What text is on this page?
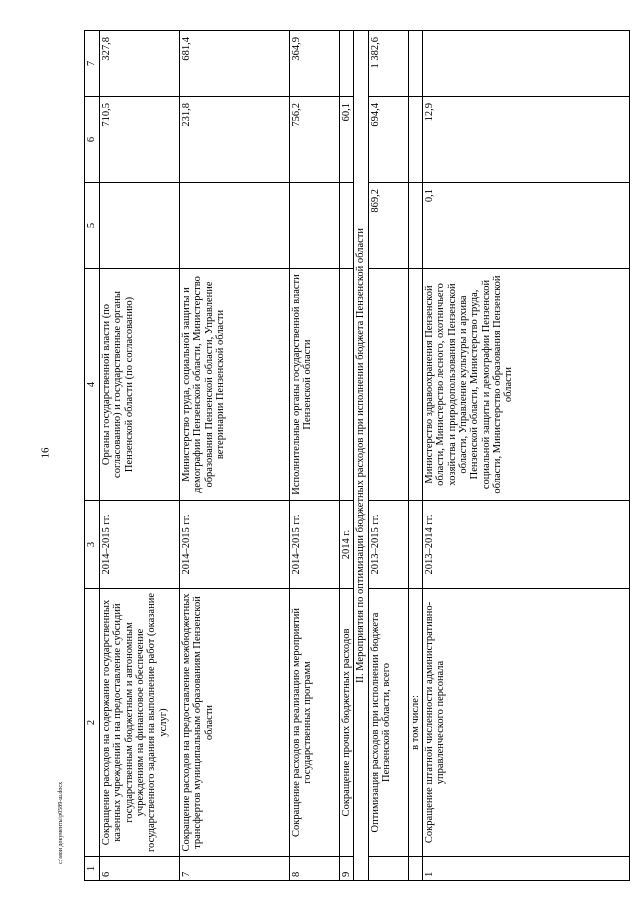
16
c:\мои документы\р0589-ш.docx
1	2	3	4	5	6	7
6	Сокращение расходов на содержание государственных казенных учреждений и на предоставление субсидий государственным бюджетным и автономным учреждениям на финансовое обеспечение государственного задания на выполнение работ (оказание услуг)	2014–2015 гг.	Органы государственной власти (по согласованию) и государственные органы Пензенской области (по согласованию)		710,5	327,8
7	Сокращение расходов на предоставление межбюджетных трансфертов муниципальным образованиям Пензенской области	2014–2015 гг.	Министерство труда, социальной защиты и демографии Пензенской области, Министерство образования Пензенской области, Управление ветеринарии Пензенской области		231,8	681,4
8	Сокращение расходов на реализацию мероприятий государственных программ	2014–2015 гг.	Исполнительные органы государственной власти Пензенской области		756,2	364,9
9	Сокращение прочих бюджетных расходов	2014 г.			60,1	
II. Мероприятия по оптимизации бюджетных расходов при исполнении бюджета Пензенской области						
	Оптимизация расходов при исполнении бюджета Пензенской области, всего	2013–2015 гг.		869,2	694,4	1 382,6
	в том числе:					
1	Сокращение штатной численности административно-управленческого персонала	2013–2014 гг.	Министерство здравоохранения Пензенской области, Министерство лесного, охотничьего хозяйства и природопользования Пензенской области, Управление культуры и архива Пензенской области, Министерство труда, социальной защиты и демографии Пензенской области, Министерство образования Пензенской области	0,1	12,9	
